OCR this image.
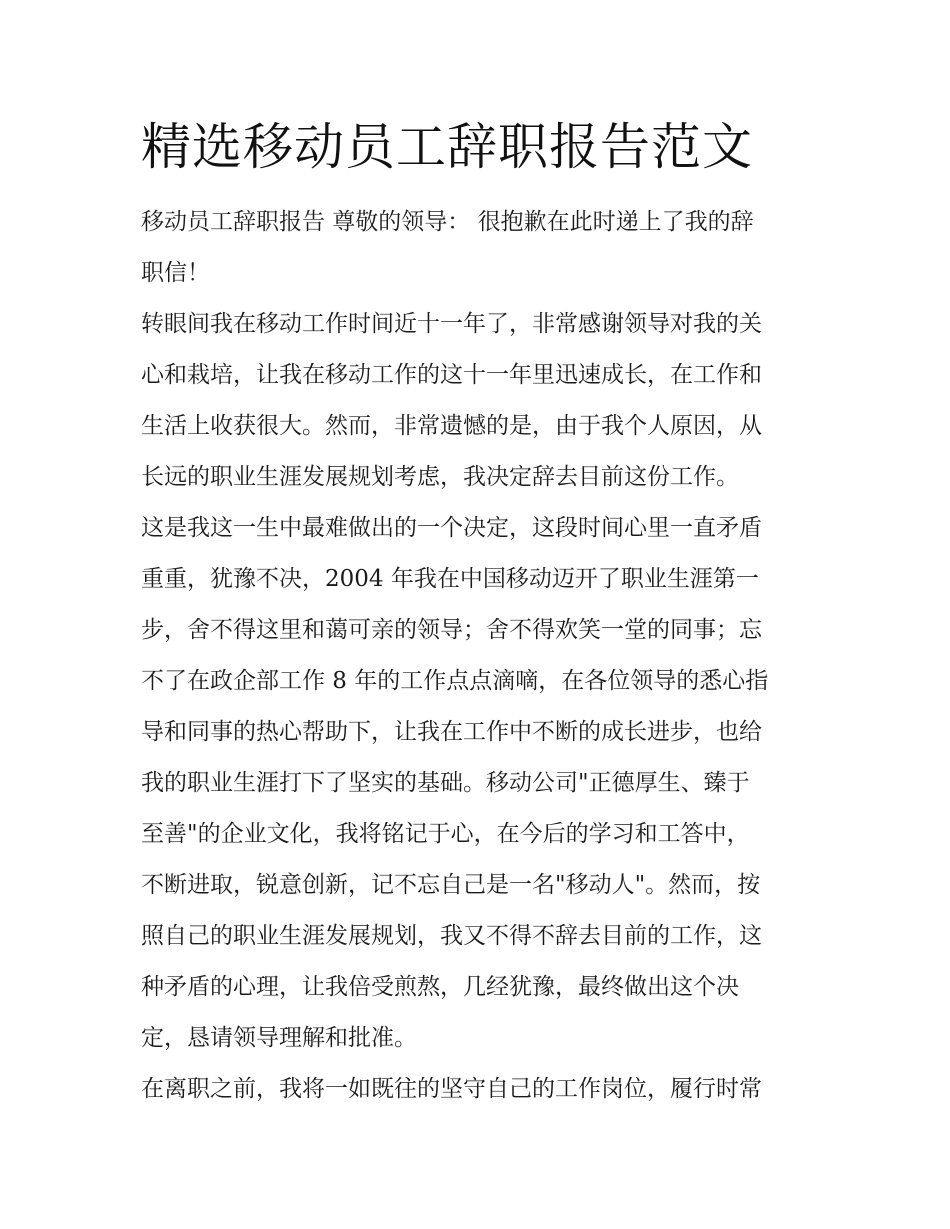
精选移动员工辞职报告范文
移动员工辞职报告 尊敬的领导： 很抱歉在此时递上了我的辞
职信！
转眼间我在移动工作时间近十一年了，非常感谢领导对我的关
心和栽培，让我在移动工作的这十一年里迅速成长，在工作和
生活上收获很大。然而，非常遗憾的是，由于我个人原因，从
长远的职业生涯发展规划考虑，我决定辞去目前这份工作。
这是我这一生中最难做出的一个决定，这段时间心里一直矛盾
重重，犹豫不决，2004 年我在中国移动迈开了职业生涯第一
步，舍不得这里和蔼可亲的领导；舍不得欢笑一堂的同事；忘
不了在政企部工作 8 年的工作点点滴嘀，在各位领导的悉心指
导和同事的热心帮助下，让我在工作中不断的成长进步，也给
我的职业生涯打下了坚实的基础。移动公司"正德厚生、臻于
至善"的企业文化，我将铭记于心，在今后的学习和工答中，
不断进取，锐意创新，记不忘自己是一名"移动人"。然而，按
照自己的职业生涯发展规划，我又不得不辞去目前的工作，这
种矛盾的心理，让我倍受煎熬，几经犹豫，最终做出这个决
定，恳请领导理解和批准。
在离职之前，我将一如既往的坚守自己的工作岗位，履行时常
